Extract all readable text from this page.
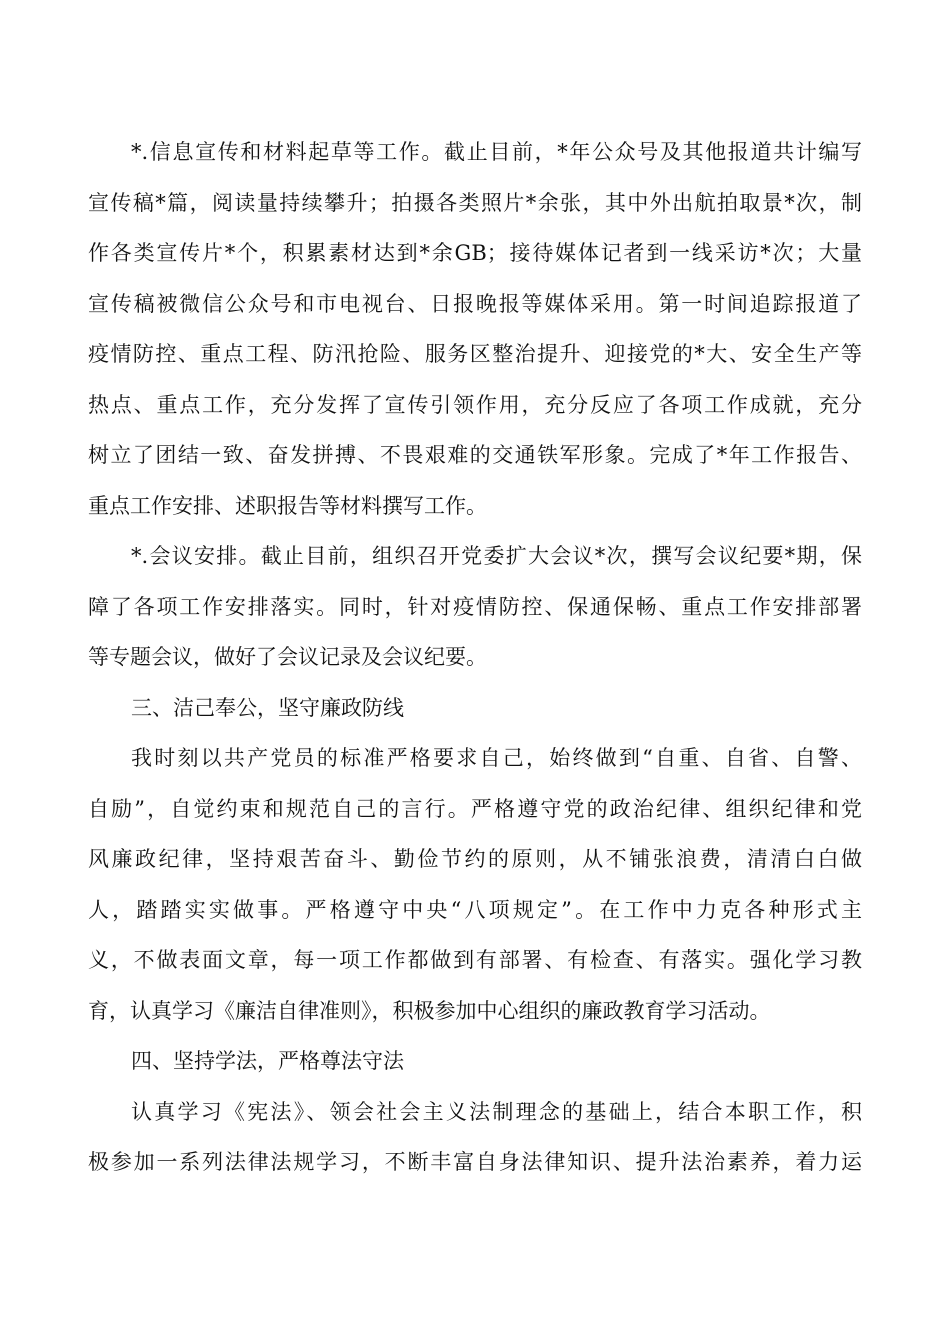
*.信息宣传和材料起草等工作。截止目前，*年公众号及其他报道共计编写
宣传稿*篇，阅读量持续攀升；拍摄各类照片*余张，其中外出航拍取景*次，制
作各类宣传片*个，积累素材达到*余GB；接待媒体记者到一线采访*次；大量
宣传稿被微信公众号和市电视台、日报晚报等媒体采用。第一时间追踪报道了
疫情防控、重点工程、防汛抢险、服务区整治提升、迎接党的*大、安全生产等
热点、重点工作，充分发挥了宣传引领作用，充分反应了各项工作成就，充分
树立了团结一致、奋发拼搏、不畏艰难的交通铁军形象。完成了*年工作报告、
重点工作安排、述职报告等材料撰写工作。
*.会议安排。截止目前，组织召开党委扩大会议*次，撰写会议纪要*期，保
障了各项工作安排落实。同时，针对疫情防控、保通保畅、重点工作安排部署
等专题会议，做好了会议记录及会议纪要。
三、洁己奉公，坚守廉政防线
我时刻以共产党员的标准严格要求自己，始终做到“自重、自省、自警、
自励”，自觉约束和规范自己的言行。严格遵守党的政治纪律、组织纪律和党
风廉政纪律，坚持艰苦奋斗、勤俭节约的原则，从不铺张浪费，清清白白做
人，踏踏实实做事。严格遵守中央“八项规定”。在工作中力克各种形式主
义，不做表面文章，每一项工作都做到有部署、有检查、有落实。强化学习教
育，认真学习《廉洁自律准则》，积极参加中心组织的廉政教育学习活动。
四、坚持学法，严格尊法守法
认真学习《宪法》、领会社会主义法制理念的基础上，结合本职工作，积
极参加一系列法律法规学习，不断丰富自身法律知识、提升法治素养，着力运
